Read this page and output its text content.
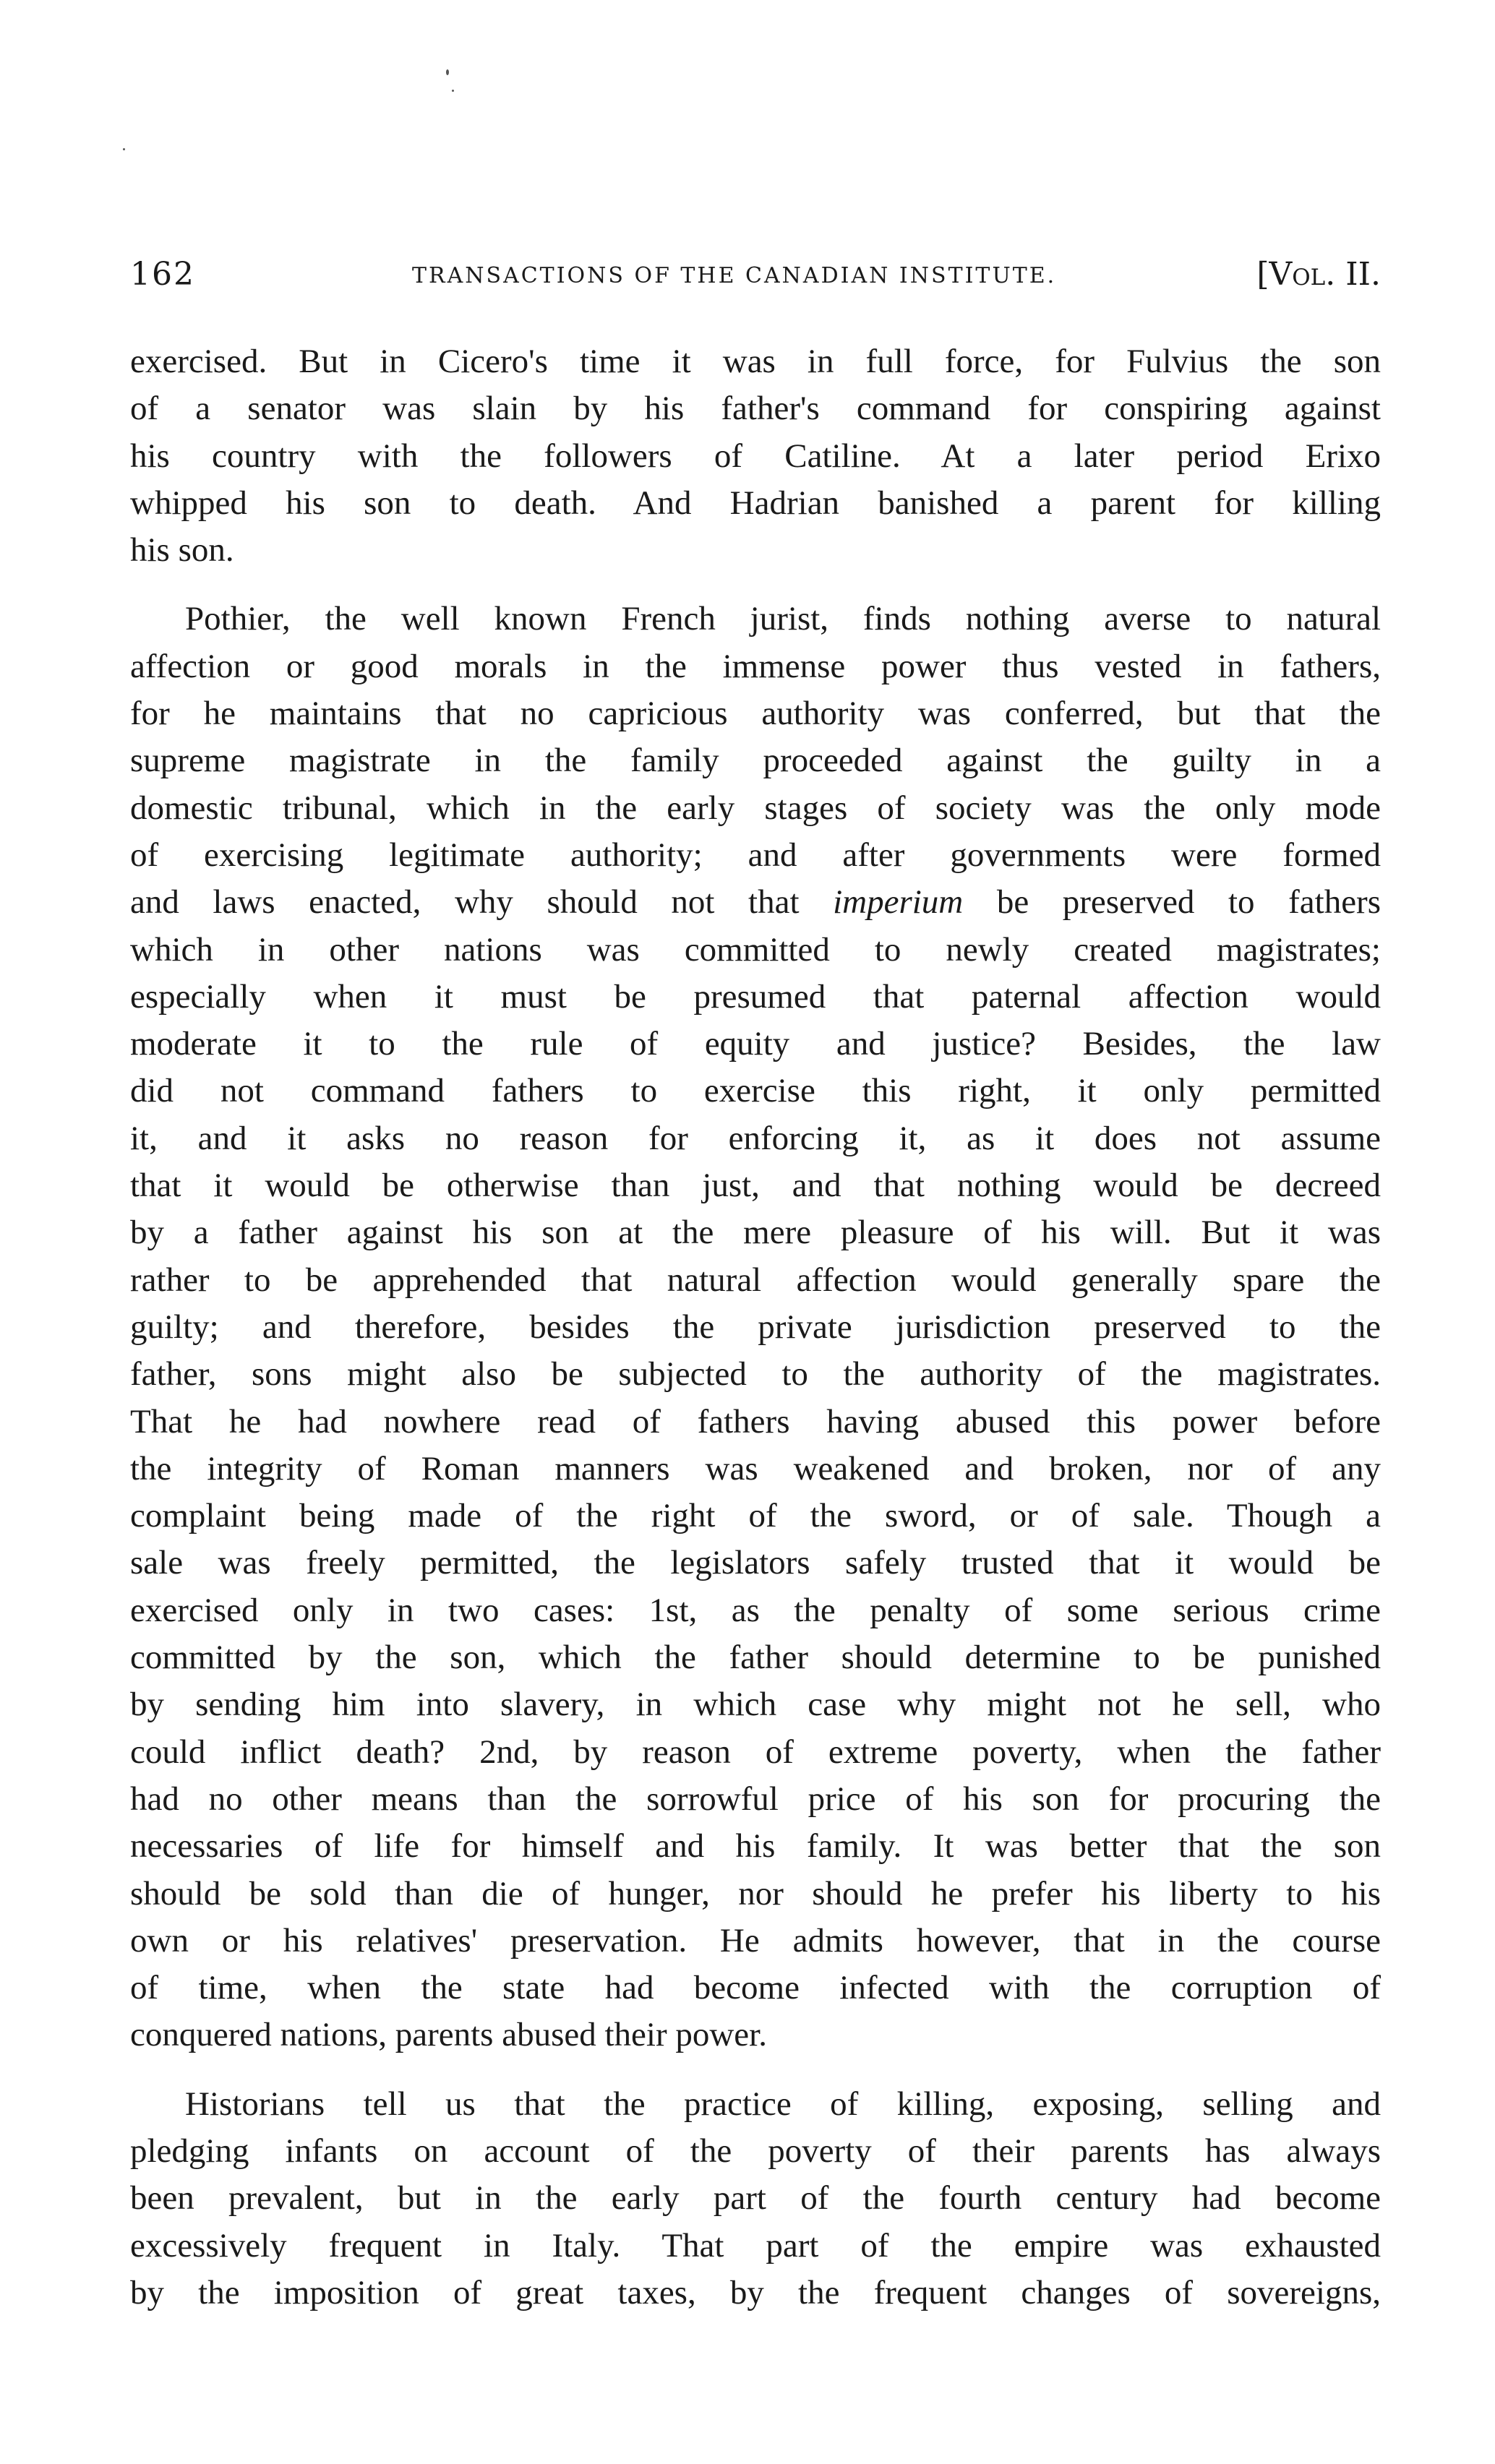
162	TRANSACTIONS OF THE CANADIAN INSTITUTE.	[Vol. II.

exercised. But in Cicero's time it was in full force, for Fulvius the son

of a senator was slain by his father's command for conspiring against

his country with the followers of Catiline. At a later period Erixo

whipped his son to death. And Hadrian banished a parent for killing

his son.

Pothier, the well known French jurist, finds nothing averse to natural

affection or good morals in the immense power thus vested in fathers,

for he maintains that no capricious authority was conferred, but that the

supreme magistrate in the family proceeded against the guilty in a

domestic tribunal, which in the early stages of society was the only mode

of exercising legitimate authority; and after governments were formed

and laws enacted, why should not that imperium be preserved to fathers

which in other nations was committed to newly created magistrates;

especially when it must be presumed that paternal affection would

moderate it to the rule of equity and justice? Besides, the law

did not command fathers to exercise this right, it only permitted

it, and it asks no reason for enforcing it, as it does not assume

that it would be otherwise than just, and that nothing would be decreed

by a father against his son at the mere pleasure of his will. But it was

rather to be apprehended that natural affection would generally spare the

guilty; and therefore, besides the private jurisdiction preserved to the

father, sons might also be subjected to the authority of the magistrates.

That he had nowhere read of fathers having abused this power before

the integrity of Roman manners was weakened and broken, nor of any

complaint being made of the right of the sword, or of sale. Though a

sale was freely permitted, the legislators safely trusted that it would be

exercised only in two cases: 1st, as the penalty of some serious crime

committed by the son, which the father should determine to be punished

by sending him into slavery, in which case why might not he sell, who

could inflict death? 2nd, by reason of extreme poverty, when the father

had no other means than the sorrowful price of his son for procuring the

necessaries of life for himself and his family. It was better that the son

should be sold than die of hunger, nor should he prefer his liberty to his

own or his relatives' preservation. He admits however, that in the course

of time, when the state had become infected with the corruption of

conquered nations, parents abused their power.

Historians tell us that the practice of killing, exposing, selling and

pledging infants on account of the poverty of their parents has always

been prevalent, but in the early part of the fourth century had become

excessively frequent in Italy. That part of the empire was exhausted

by the imposition of great taxes, by the frequent changes of sovereigns,
